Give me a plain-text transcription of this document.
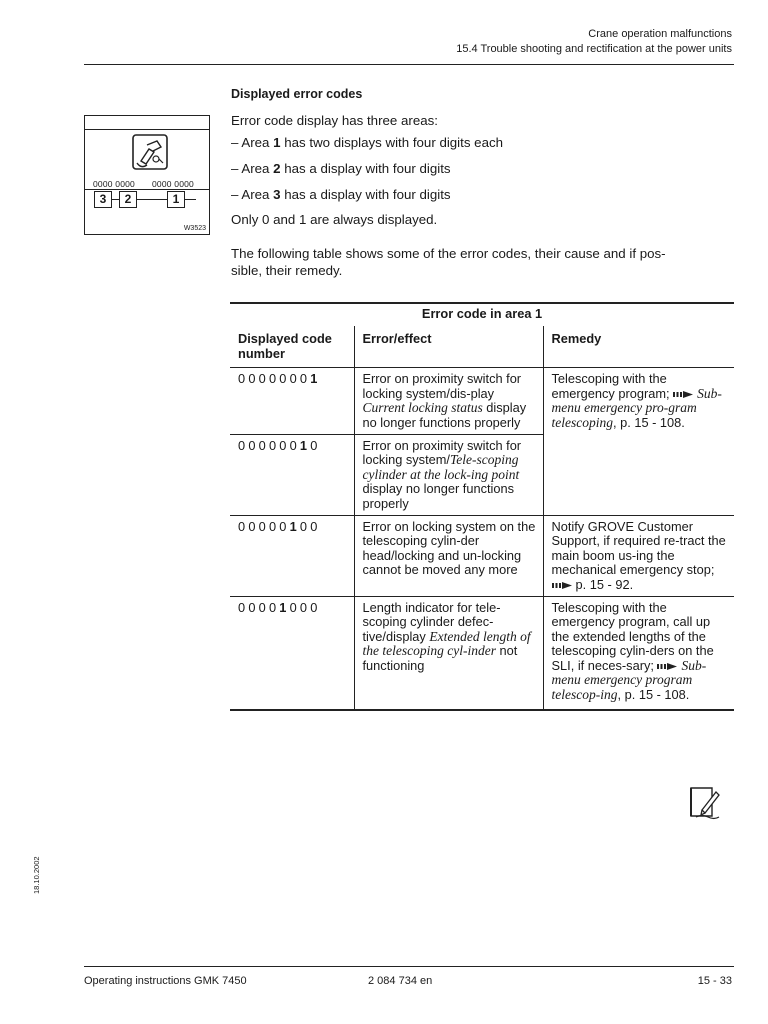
Crane operation malfunctions
15.4 Trouble shooting and rectification at the power units
0000 0000 0000 0000
3	2	1
W3523
Displayed error codes
Error code display has three areas:
– Area 1 has two displays with four digits each
– Area 2 has a display with four digits
– Area 3 has a display with four digits
Only 0 and 1 are always displayed.
The following table shows some of the error codes, their cause and if pos-
sible, their remedy.
Error code in area 1		
Displayed code number	Error/effect	Remedy
00000001	Error on proximity switch for locking system/dis-play Current locking status display no longer functions properly	Telescoping with the emergency program; Sub-menu emergency pro-gram telescoping, p. 15 - 108.
00000010	Error on proximity switch for locking system/Tele-scoping cylinder at the lock-ing point display no longer functions properly	
00000100	Error on locking system on the telescoping cylin-der head/locking and un-locking cannot be moved any more	Notify GROVE Customer Support, if required re-tract the main boom us-ing the mechanical emergency stop;
p. 15 - 92.
00001000	Length indicator for tele-scoping cylinder defec-tive/display Extended length of the telescoping cyl-inder not functioning	Telescoping with the emergency program, call up the extended lengths of the telescoping cylin-ders on the SLI, if neces-sary; Sub-menu emergency program telescop-ing, p. 15 - 108.
18.10.2002
Operating instructions GMK 7450	2 084 734 en	15 - 33
